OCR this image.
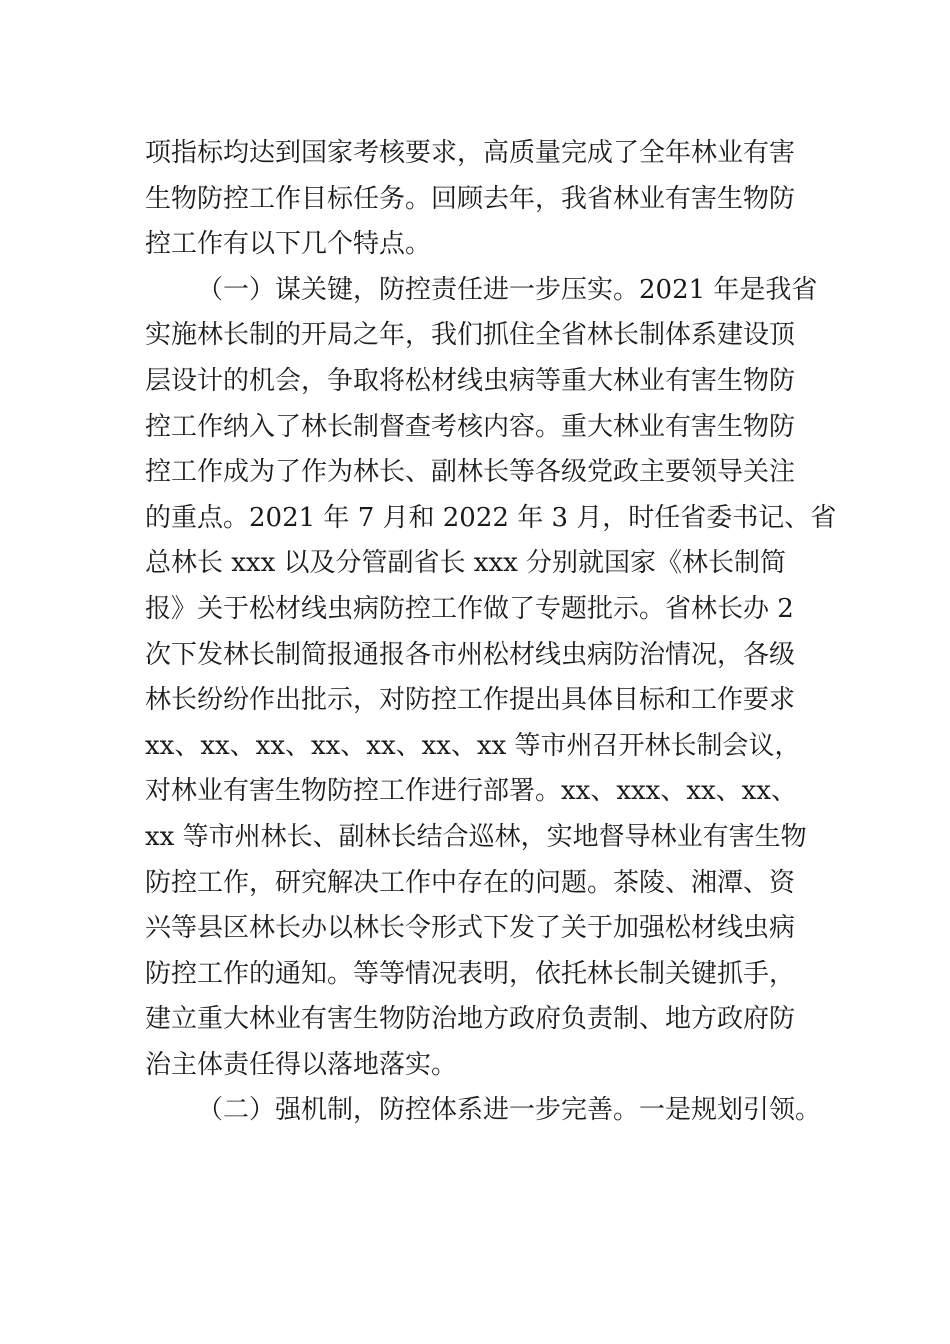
项指标均达到国家考核要求，高质量完成了全年林业有害
生物防控工作目标任务。回顾去年，我省林业有害生物防
控工作有以下几个特点。
（一）谋关键，防控责任进一步压实。2021 年是我省
实施林长制的开局之年，我们抓住全省林长制体系建设顶
层设计的机会，争取将松材线虫病等重大林业有害生物防
控工作纳入了林长制督查考核内容。重大林业有害生物防
控工作成为了作为林长、副林长等各级党政主要领导关注
的重点。2021 年 7 月和 2022 年 3 月，时任省委书记、省
总林长 xxx 以及分管副省长 xxx 分别就国家《林长制简
报》关于松材线虫病防控工作做了专题批示。省林长办 2
次下发林长制简报通报各市州松材线虫病防治情况，各级
林长纷纷作出批示，对防控工作提出具体目标和工作要求
xx、xx、xx、xx、xx、xx、xx 等市州召开林长制会议，
对林业有害生物防控工作进行部署。xx、xxx、xx、xx、
xx 等市州林长、副林长结合巡林，实地督导林业有害生物
防控工作，研究解决工作中存在的问题。茶陵、湘潭、资
兴等县区林长办以林长令形式下发了关于加强松材线虫病
防控工作的通知。等等情况表明，依托林长制关键抓手，
建立重大林业有害生物防治地方政府负责制、地方政府防
治主体责任得以落地落实。
（二）强机制，防控体系进一步完善。一是规划引领。
